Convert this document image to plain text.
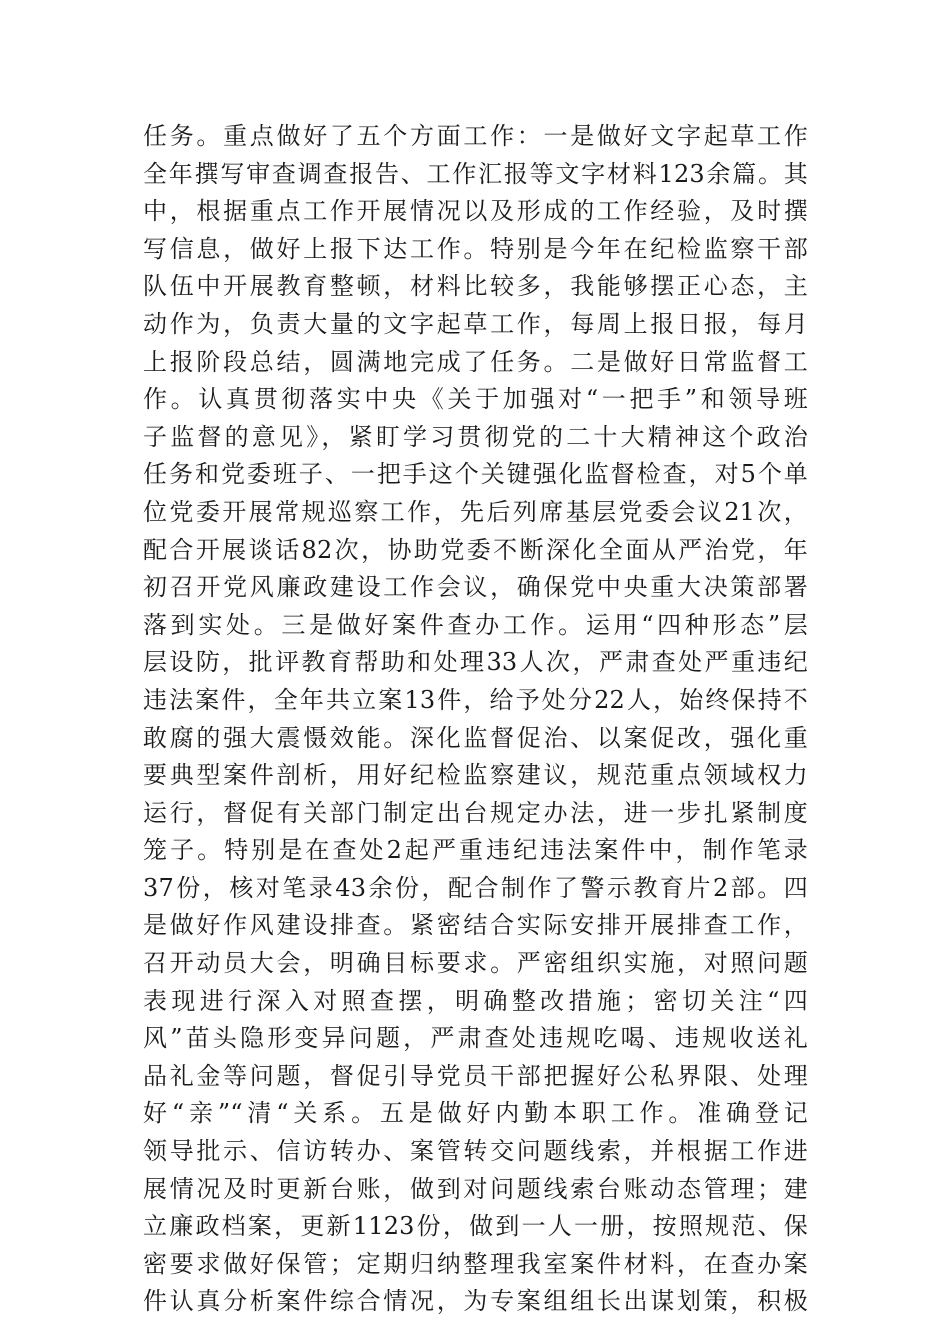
任务。重点做好了五个方面工作：一是做好文字起草工作
全年撰写审查调查报告、工作汇报等文字材料123余篇。其
中，根据重点工作开展情况以及形成的工作经验，及时撰
写信息，做好上报下达工作。特别是今年在纪检监察干部
队伍中开展教育整顿，材料比较多，我能够摆正心态，主
动作为，负责大量的文字起草工作，每周上报日报，每月
上报阶段总结，圆满地完成了任务。二是做好日常监督工
作。认真贯彻落实中央《关于加强对“一把手”和领导班
子监督的意见》，紧盯学习贯彻党的二十大精神这个政治
任务和党委班子、一把手这个关键强化监督检查，对5个单
位党委开展常规巡察工作，先后列席基层党委会议21次，
配合开展谈话82次，协助党委不断深化全面从严治党，年
初召开党风廉政建设工作会议，确保党中央重大决策部署
落到实处。三是做好案件查办工作。运用“四种形态”层
层设防，批评教育帮助和处理33人次，严肃查处严重违纪
违法案件，全年共立案13件，给予处分22人，始终保持不
敢腐的强大震慑效能。深化监督促治、以案促改，强化重
要典型案件剖析，用好纪检监察建议，规范重点领域权力
运行，督促有关部门制定出台规定办法，进一步扎紧制度
笼子。特别是在查处2起严重违纪违法案件中，制作笔录
37份，核对笔录43余份，配合制作了警示教育片2部。四
是做好作风建设排查。紧密结合实际安排开展排查工作，
召开动员大会，明确目标要求。严密组织实施，对照问题
表现进行深入对照查摆，明确整改措施；密切关注“四
风”苗头隐形变异问题，严肃查处违规吃喝、违规收送礼
品礼金等问题，督促引导党员干部把握好公私界限、处理
好“亲”“清“关系。五是做好内勤本职工作。准确登记
领导批示、信访转办、案管转交问题线索，并根据工作进
展情况及时更新台账，做到对问题线索台账动态管理；建
立廉政档案，更新1123份，做到一人一册，按照规范、保
密要求做好保管；定期归纳整理我室案件材料，在查办案
件认真分析案件综合情况，为专案组组长出谋划策，积极
